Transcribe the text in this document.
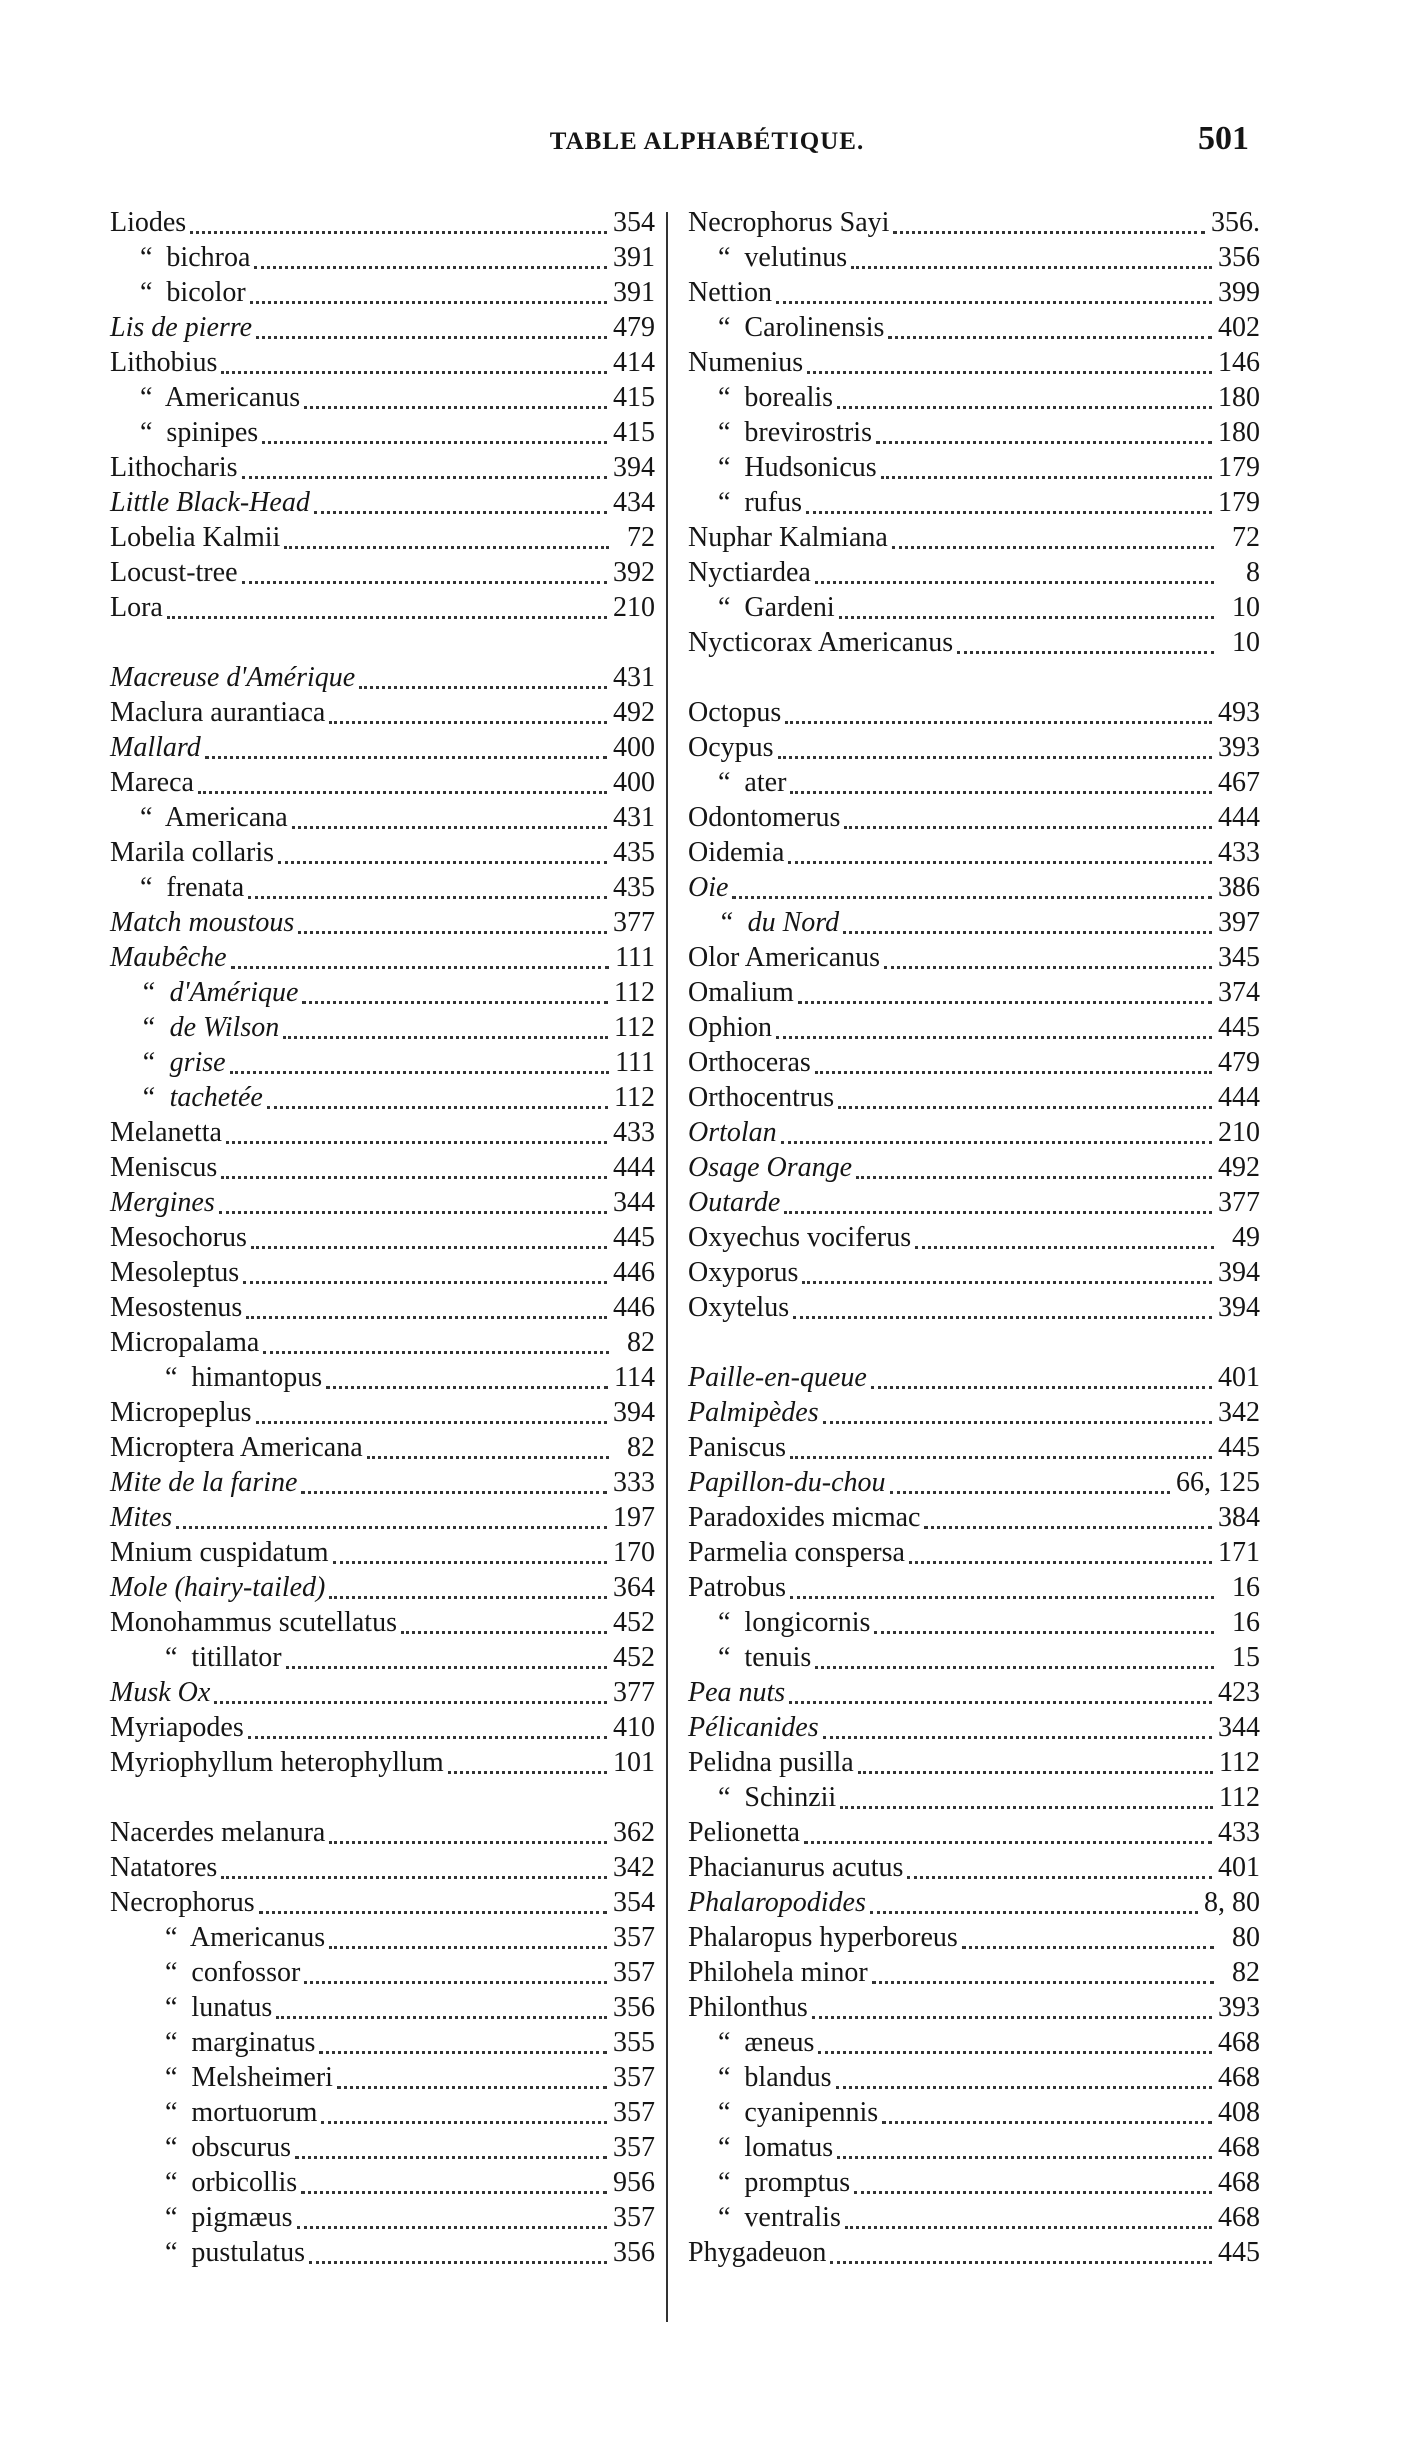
TABLE ALPHABÉTIQUE.	501
Liodes	354
“  bichroa	391
“  bicolor	391
Lis de pierre	479
Lithobius	414
“  Americanus	415
“  spinipes	415
Lithocharis	394
Little Black-Head	434
Lobelia Kalmii	72
Locust-tree	392
Lora	210
Macreuse d'Amérique	431
Maclura aurantiaca	492
Mallard	400
Mareca	400
“  Americana	431
Marila collaris	435
“  frenata	435
Match moustous	377
Maubêche	111
“  d'Amérique	112
“  de Wilson	112
“  grise	111
“  tachetée	112
Melanetta	433
Meniscus	444
Mergines	344
Mesochorus	445
Mesoleptus	446
Mesostenus	446
Micropalama	82
“  himantopus	114
Micropeplus	394
Microptera Americana	82
Mite de la farine	333
Mites	197
Mnium cuspidatum	170
Mole (hairy-tailed)	364
Monohammus scutellatus	452
“  titillator	452
Musk Ox	377
Myriapodes	410
Myriophyllum heterophyllum	101
Nacerdes melanura	362
Natatores	342
Necrophorus	354
“  Americanus	357
“  confossor	357
“  lunatus	356
“  marginatus	355
“  Melsheimeri	357
“  mortuorum	357
“  obscurus	357
“  orbicollis	956
“  pigmæus	357
“  pustulatus	356
Necrophorus Sayi	356.
“  velutinus	356
Nettion	399
“  Carolinensis	402
Numenius	146
“  borealis	180
“  brevirostris	180
“  Hudsonicus	179
“  rufus	179
Nuphar Kalmiana	72
Nyctiardea	8
“  Gardeni	10
Nycticorax Americanus	10
Octopus	493
Ocypus	393
“  ater	467
Odontomerus	444
Oidemia	433
Oie	386
“  du Nord	397
Olor Americanus	345
Omalium	374
Ophion	445
Orthoceras	479
Orthocentrus	444
Ortolan	210
Osage Orange	492
Outarde	377
Oxyechus vociferus	49
Oxyporus	394
Oxytelus	394
Paille-en-queue	401
Palmipèdes	342
Paniscus	445
Papillon-du-chou	66, 125
Paradoxides micmac	384
Parmelia conspersa	171
Patrobus	16
“  longicornis	16
“  tenuis	15
Pea nuts	423
Pélicanides	344
Pelidna pusilla	112
“  Schinzii	112
Pelionetta	433
Phacianurus acutus	401
Phalaropodides	8, 80
Phalaropus hyperboreus	80
Philohela minor	82
Philonthus	393
“  æneus	468
“  blandus	468
“  cyanipennis	408
“  lomatus	468
“  promptus	468
“  ventralis	468
Phygadeuon	445
